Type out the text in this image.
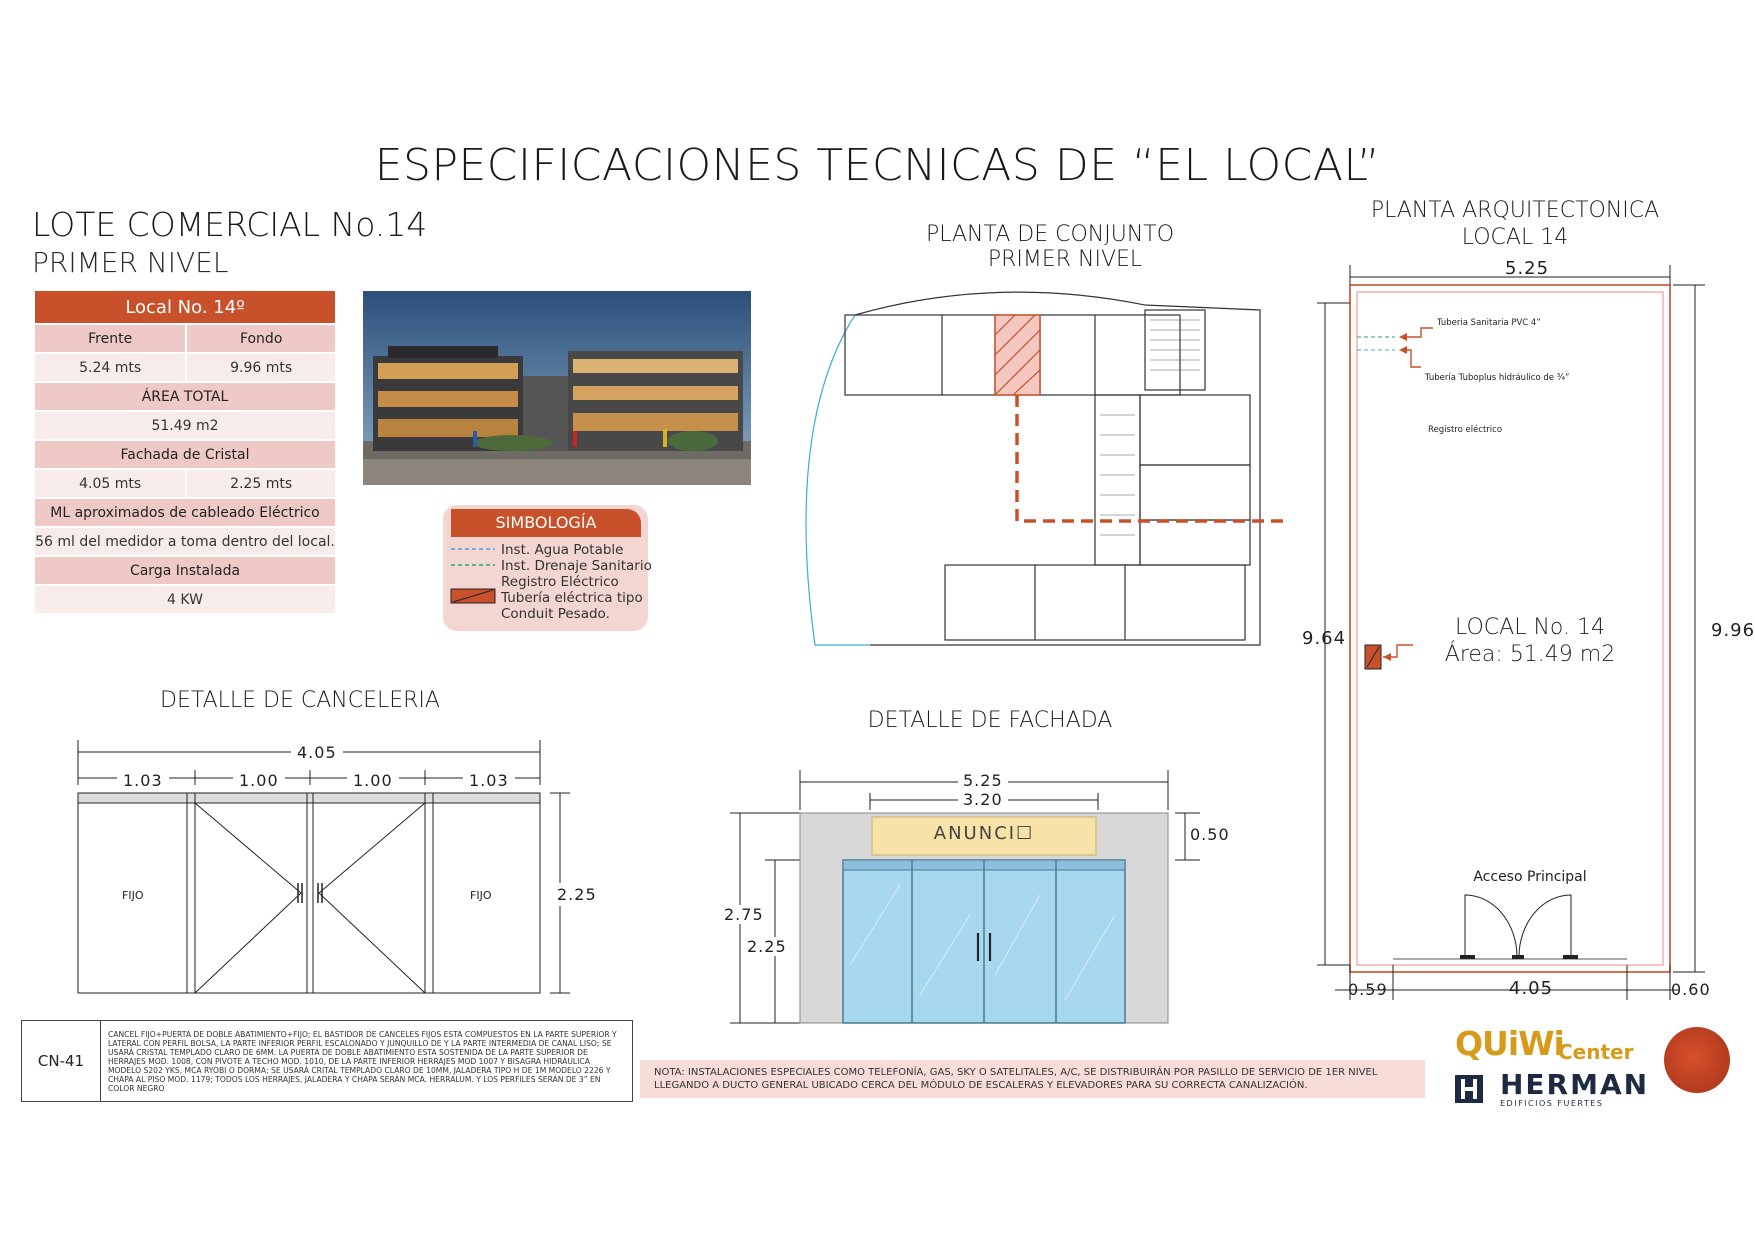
ESPECIFICACIONES TECNICAS DE “EL LOCAL”
LOTE COMERCIAL No.14
PRIMER NIVEL
Local No. 14º	
Frente	Fondo
5.24 mts	9.96 mts
ÁREA TOTAL	
51.49 m2	
Fachada de Cristal	
4.05 mts	2.25 mts
ML aproximados de cableado Eléctrico	
56 ml del medidor a toma dentro del local.	
Carga Instalada	
4 KW	
SIMBOLOGÍA
Inst. Agua Potable
Inst. Drenaje Sanitario
Registro Eléctrico
Tubería eléctrica tipo
Conduit Pesado.
PLANTA DE CONJUNTO
PRIMER NIVEL
PLANTA ARQUITECTONICA
LOCAL 14
5.25
9.64	9.96
4.05
0.59	0.60
LOCAL No. 14
Área: 51.49 m2
Acceso Principal
Tuberia Sanitaria PVC 4”
Tubería Tuboplus hidráulico de ¾”
Registro eléctrico
DETALLE DE CANCELERIA
4.05
1.03	1.00	1.00	1.03
2.25
FIJO	FIJO
DETALLE DE FACHADA
5.25
3.20
0.50
2.75
2.25
ANUNCI☐
CN-41
CANCEL FIJO+PUERTA DE DOBLE ABATIMIENTO+FIJO; EL BASTIDOR DE CANCELES FIJOS ESTA COMPUESTOS EN LA PARTE SUPERIOR Y LATERAL CON PERFIL BOLSA, LA PARTE INFERIOR PERFIL ESCALONADO Y JUNQUILLO DE Y LA PARTE INTERMEDIA DE CANAL LISO; SE USARÁ CRISTAL TEMPLADO CLARO DE 6MM. LA PUERTA DE DOBLE ABATIMIENTO ESTA SOSTENIDA DE LA PARTE SUPERIOR DE HERRAJES MOD. 1008, CON PIVOTE A TECHO MOD. 1010, DE LA PARTE INFERIOR HERRAJES MOD 1007 Y BISAGRA HIDRÁULICA MODELO S202 YKS, MCA RYOBI O DORMA; SE USARÁ CRITAL TEMPLADO CLARO DE 10MM, JALADERA TIPO H DE 1M MODELO 2226 Y CHAPA AL PISO MOD. 1179; TODOS LOS HERRAJES, JALADERA Y CHAPA SERÁN MCA. HERRALUM. Y LOS PERFILES SERÁN DE 3” EN COLOR NEGRO
NOTA: INSTALACIONES ESPECIALES COMO TELEFONÍA, GAS, SKY O SATELITALES, A/C, SE DISTRIBUIRÁN POR PASILLO DE SERVICIO DE 1ER NIVEL LLEGANDO A DUCTO GENERAL UBICADO CERCA DEL MÓDULO DE ESCALERAS Y ELEVADORES PARA SU CORRECTA CANALIZACIÓN.
QUiWi
Center
HERMAN
EDIFICIOS FUERTES
